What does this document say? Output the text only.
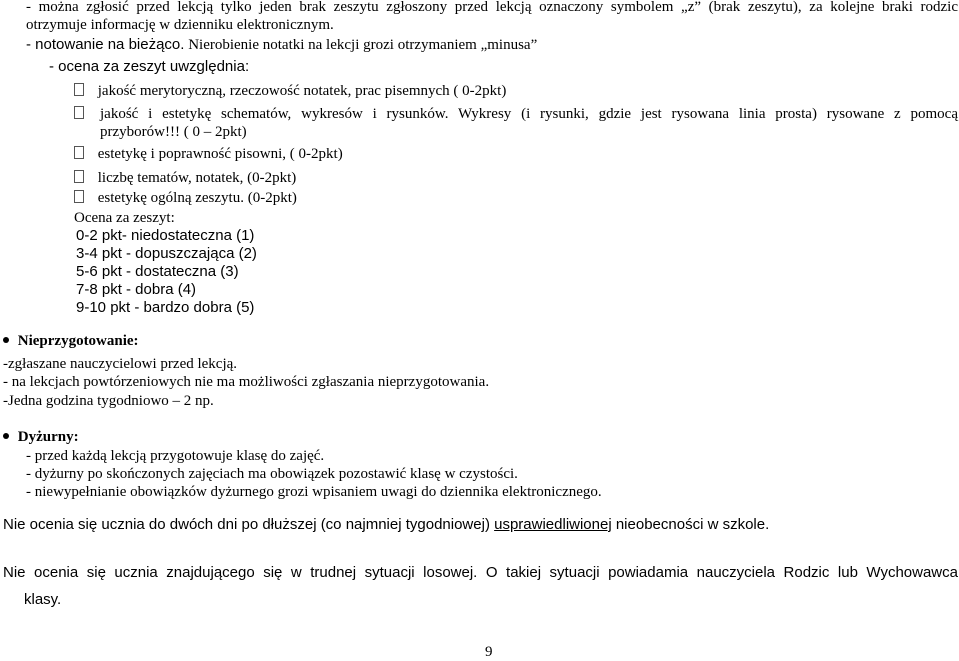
- można zgłosić przed lekcją tylko jeden brak zeszytu zgłoszony przed lekcją oznaczony symbolem „z” (brak zeszytu), za kolejne braki rodzic
otrzymuje informację w dzienniku elektronicznym.
- notowanie na bieżąco. Nierobienie notatki na lekcji grozi otrzymaniem „minusa”
- ocena za zeszyt uwzględnia:
jakość merytoryczną, rzeczowość notatek, prac pisemnych ( 0-2pkt)
jakość i estetykę schematów, wykresów i rysunków. Wykresy (i rysunki, gdzie jest rysowana linia prosta) rysowane z pomocą
przyborów!!! ( 0 – 2pkt)
estetykę i poprawność pisowni, ( 0-2pkt)
liczbę tematów, notatek, (0-2pkt)
estetykę ogólną zeszytu. (0-2pkt)
Ocena za zeszyt:
0-2 pkt- niedostateczna (1)
3-4 pkt - dopuszczająca (2)
5-6 pkt - dostateczna (3)
7-8 pkt - dobra (4)
9-10 pkt - bardzo dobra (5)
Nieprzygotowanie:
-zgłaszane nauczycielowi przed lekcją.
- na lekcjach powtórzeniowych nie ma możliwości zgłaszania nieprzygotowania.
-Jedna godzina tygodniowo – 2 np.
Dyżurny:
- przed każdą lekcją przygotowuje klasę do zajęć.
- dyżurny po skończonych zajęciach ma obowiązek pozostawić klasę w czystości.
- niewypełnianie obowiązków dyżurnego grozi wpisaniem uwagi do dziennika elektronicznego.
Nie ocenia się ucznia do dwóch dni po dłuższej (co najmniej tygodniowej) usprawiedliwionej nieobecności w szkole.
Nie ocenia się ucznia znajdującego się w trudnej sytuacji losowej. O takiej sytuacji powiadamia nauczyciela Rodzic lub Wychowawca
klasy.
9
